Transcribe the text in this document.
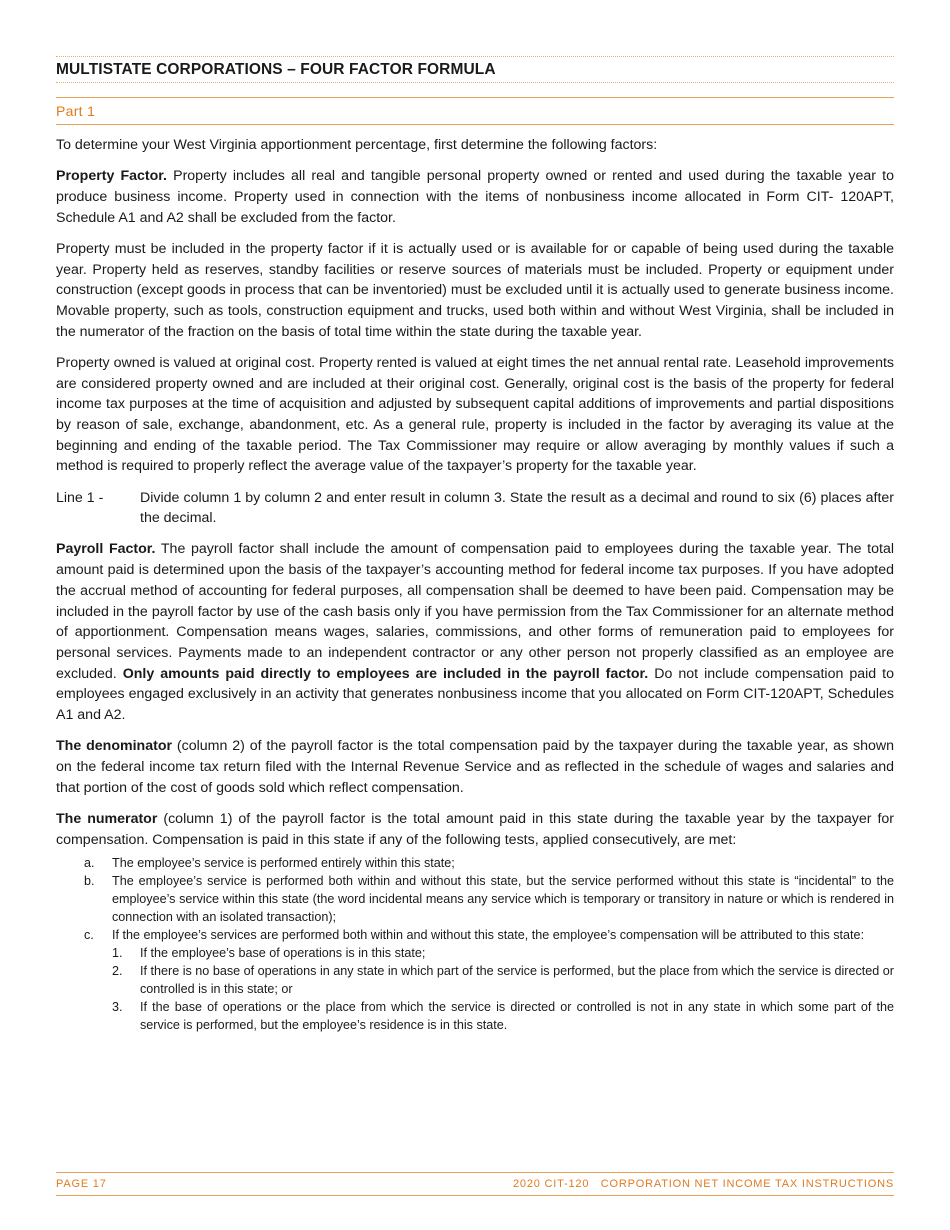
MULTISTATE CORPORATIONS – FOUR FACTOR FORMULA
Part 1

To determine your West Virginia apportionment percentage, first determine the following factors:

Property Factor. Property includes all real and tangible personal property owned or rented and used during the taxable year to produce business income. Property used in connection with the items of nonbusiness income allocated in Form CIT- 120APT, Schedule A1 and A2 shall be excluded from the factor.

Property must be included in the property factor if it is actually used or is available for or capable of being used during the taxable year. Property held as reserves, standby facilities or reserve sources of materials must be included. Property or equipment under construction (except goods in process that can be inventoried) must be excluded until it is actually used to generate business income. Movable property, such as tools, construction equipment and trucks, used both within and without West Virginia, shall be included in the numerator of the fraction on the basis of total time within the state during the taxable year.

Property owned is valued at original cost. Property rented is valued at eight times the net annual rental rate. Leasehold improvements are considered property owned and are included at their original cost. Generally, original cost is the basis of the property for federal income tax purposes at the time of acquisition and adjusted by subsequent capital additions of improvements and partial dispositions by reason of sale, exchange, abandonment, etc. As a general rule, property is included in the factor by averaging its value at the beginning and ending of the taxable period. The Tax Commissioner may require or allow averaging by monthly values if such a method is required to properly reflect the average value of the taxpayer’s property for the taxable year.

Line 1 -	Divide column 1 by column 2 and enter result in column 3. State the result as a decimal and round to six (6) places after the decimal.

Payroll Factor. The payroll factor shall include the amount of compensation paid to employees during the taxable year. The total amount paid is determined upon the basis of the taxpayer’s accounting method for federal income tax purposes. If you have adopted the accrual method of accounting for federal purposes, all compensation shall be deemed to have been paid. Compensation may be included in the payroll factor by use of the cash basis only if you have permission from the Tax Commissioner for an alternate method of apportionment. Compensation means wages, salaries, commissions, and other forms of remuneration paid to employees for personal services. Payments made to an independent contractor or any other person not properly classified as an employee are excluded. Only amounts paid directly to employees are included in the payroll factor. Do not include compensation paid to employees engaged exclusively in an activity that generates nonbusiness income that you allocated on Form CIT-120APT, Schedules A1 and A2.

The denominator (column 2) of the payroll factor is the total compensation paid by the taxpayer during the taxable year, as shown on the federal income tax return filed with the Internal Revenue Service and as reflected in the schedule of wages and salaries and that portion of the cost of goods sold which reflect compensation.

The numerator (column 1) of the payroll factor is the total amount paid in this state during the taxable year by the taxpayer for compensation. Compensation is paid in this state if any of the following tests, applied consecutively, are met:

a.	The employee’s service is performed entirely within this state;
b.	The employee’s service is performed both within and without this state, but the service performed without this state is “incidental” to the employee’s service within this state (the word incidental means any service which is temporary or transitory in nature or which is rendered in connection with an isolated transaction);
c.	If the employee’s services are performed both within and without this state, the employee’s compensation will be attributed to this state:
1.	If the employee’s base of operations is in this state;
2.	If there is no base of operations in any state in which part of the service is performed, but the place from which the service is directed or controlled is in this state; or
3.	If the base of operations or the place from which the service is directed or controlled is not in any state in which some part of the service is performed, but the employee’s residence is in this state.
PAGE 17	2020 CIT-120   CORPORATION NET INCOME TAX INSTRUCTIONS
